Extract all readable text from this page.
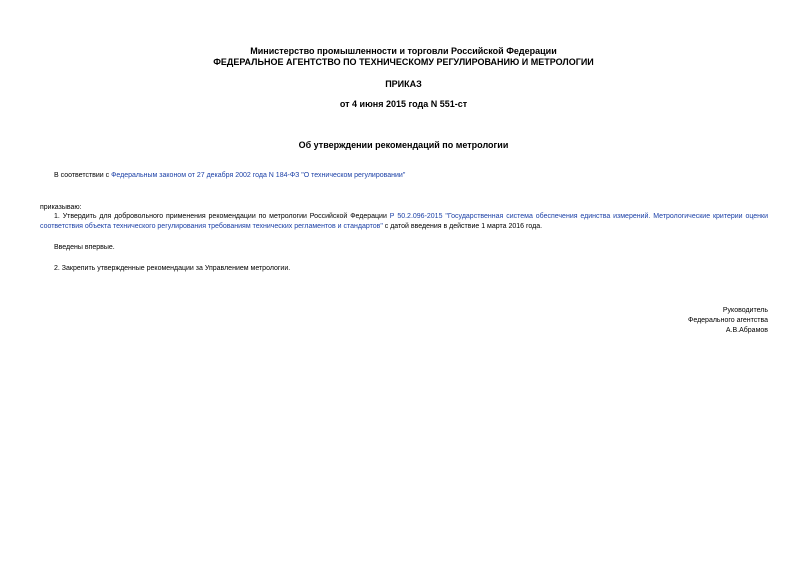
Министерство промышленности и торговли Российской Федерации
ФЕДЕРАЛЬНОЕ АГЕНТСТВО ПО ТЕХНИЧЕСКОМУ РЕГУЛИРОВАНИЮ И МЕТРОЛОГИИ
ПРИКАЗ
от 4 июня 2015 года N 551-ст
Об утверждении рекомендаций по метрологии
В соответствии с Федеральным законом от 27 декабря 2002 года N 184-ФЗ "О техническом регулировании"
приказываю:
1. Утвердить для добровольного применения рекомендации по метрологии Российской Федерации Р 50.2.096-2015 "Государственная система обеспечения единства измерений. Метрологические критерии оценки соответствия объекта технического регулирования требованиям технических регламентов и стандартов" с датой введения в действие 1 марта 2016 года.
Введены впервые.
2. Закрепить утвержденные рекомендации за Управлением метрологии.
Руководитель
Федерального агентства
А.В.Абрамов
